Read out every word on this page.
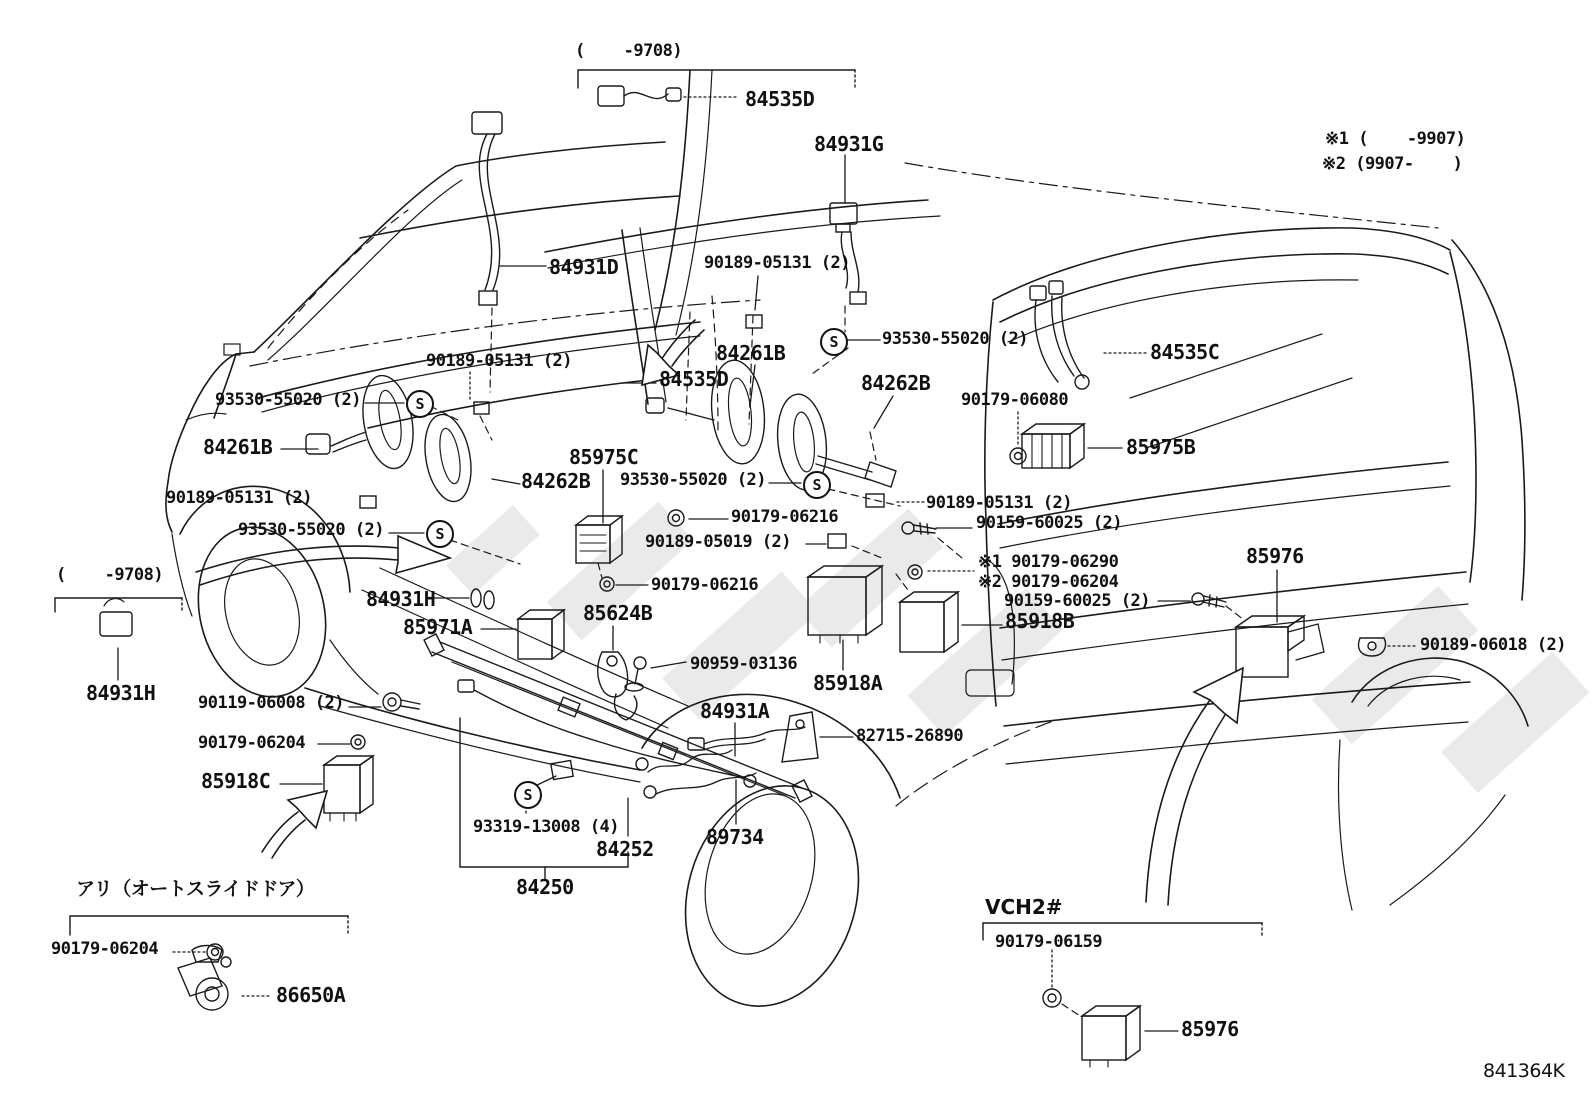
(    -9708)
(    -9708)
アリ（オートスライドドア）
VCH2#
※1 (    -9907)
※2 (9907-    )
841364K
84535D
84931G
84931D	90189-05131 (2)
93530-55020 (2)
84535C
84261B
84535D	84262B
90179-06080
90189-05131 (2)
93530-55020 (2)
84261B	85975B
85975C
84262B 93530-55020 (2)
90189-05131 (2)
90179-06216
90189-05131 (2)
90159-60025 (2)
93530-55020 (2)
90189-05019 (2)
85976
※1 90179-06290
※2 90179-06204
90159-60025 (2)
90179-06216
84931H
85918B
85624B
85971A
90189-06018 (2)
84931H
90959-03136
85918A
84931A
90119-06008 (2)
82715-26890
90179-06204
85918C
93319-13008 (4)
84252	89734
84250
90179-06204
86650A
90179-06159
85976
S
S
S
S
S
